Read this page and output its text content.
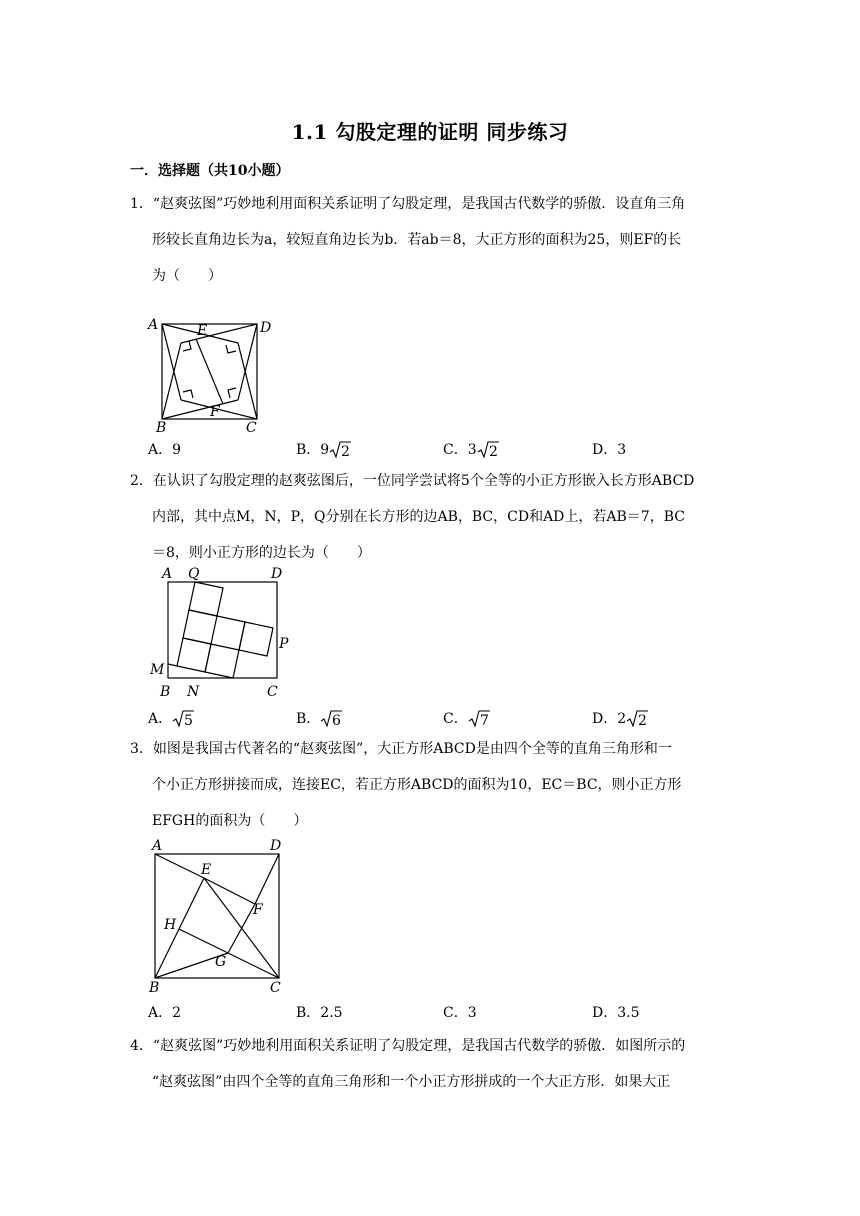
1.1 勾股定理的证明 同步练习
一．选择题（共10小题）

1．“赵爽弦图”巧妙地利用面积关系证明了勾股定理，是我国古代数学的骄傲．设直角三角

形较长直角边长为a，较短直角边长为b．若ab＝8，大正方形的面积为25，则EF的长

为（　　）

A	E	D
B
F
C
A．9	B．9 2	C．3 2	D．3

2．在认识了勾股定理的赵爽弦图后，一位同学尝试将5个全等的小正方形嵌入长方形ABCD

内部，其中点M，N，P，Q分别在长方形的边AB，BC，CD和AD上，若AB＝7，BC

＝8，则小正方形的边长为（　　）

A Q	D
P
M
B N	C
A． 5	B． 6	C． 7	D．2 2

3．如图是我国古代著名的“赵爽弦图”，大正方形ABCD是由四个全等的直角三角形和一

个小正方形拼接而成，连接EC，若正方形ABCD的面积为10，EC＝BC，则小正方形

EFGH的面积为（　　）

A	D
E
F
H
G
B	C
A．2	B．2.5	C．3	D．3.5

4．“赵爽弦图”巧妙地利用面积关系证明了勾股定理，是我国古代数学的骄傲．如图所示的

“赵爽弦图”由四个全等的直角三角形和一个小正方形拼成的一个大正方形．如果大正
